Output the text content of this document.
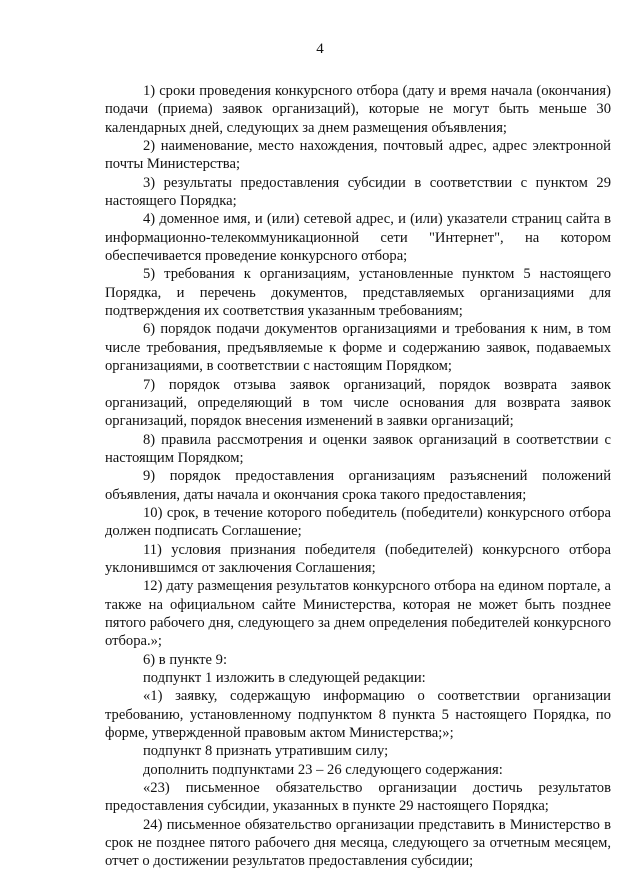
4

1) сроки проведения конкурсного отбора (дату и время начала (окончания) подачи (приема) заявок организаций), которые не могут быть меньше 30 календарных дней, следующих за днем размещения объявления;

2) наименование, место нахождения, почтовый адрес, адрес электронной почты Министерства;

3) результаты предоставления субсидии в соответствии с пунктом 29 настоящего Порядка;

4) доменное имя, и (или) сетевой адрес, и (или) указатели страниц сайта в информационно-телекоммуникационной сети "Интернет", на котором обеспечивается проведение конкурсного отбора;

5) требования к организациям, установленные пунктом 5 настоящего Порядка, и перечень документов, представляемых организациями для подтверждения их соответствия указанным требованиям;

6) порядок подачи документов организациями и требования к ним, в том числе требования, предъявляемые к форме и содержанию заявок, подаваемых организациями, в соответствии с настоящим Порядком;

7) порядок отзыва заявок организаций, порядок возврата заявок организаций, определяющий в том числе основания для возврата заявок организаций, порядок внесения изменений в заявки организаций;

8) правила рассмотрения и оценки заявок организаций в соответствии с настоящим Порядком;

9) порядок предоставления организациям разъяснений положений объявления, даты начала и окончания срока такого предоставления;

10) срок, в течение которого победитель (победители) конкурсного отбора должен подписать Соглашение;

11) условия признания победителя (победителей) конкурсного отбора уклонившимся от заключения Соглашения;

12) дату размещения результатов конкурсного отбора на едином портале, а также на официальном сайте Министерства, которая не может быть позднее пятого рабочего дня, следующего за днем определения победителей конкурсного отбора.»;

6) в пункте 9:

подпункт 1 изложить в следующей редакции:

«1) заявку, содержащую информацию о соответствии организации требованию, установленному подпунктом 8 пункта 5 настоящего Порядка, по форме, утвержденной правовым актом Министерства;»;

подпункт 8 признать утратившим силу;

дополнить подпунктами 23 – 26 следующего содержания:

«23) письменное обязательство организации достичь результатов предоставления субсидии, указанных в пункте 29 настоящего Порядка;

24) письменное обязательство организации представить в Министерство в срок не позднее пятого рабочего дня месяца, следующего за отчетным месяцем, отчет о достижении результатов предоставления субсидии;
